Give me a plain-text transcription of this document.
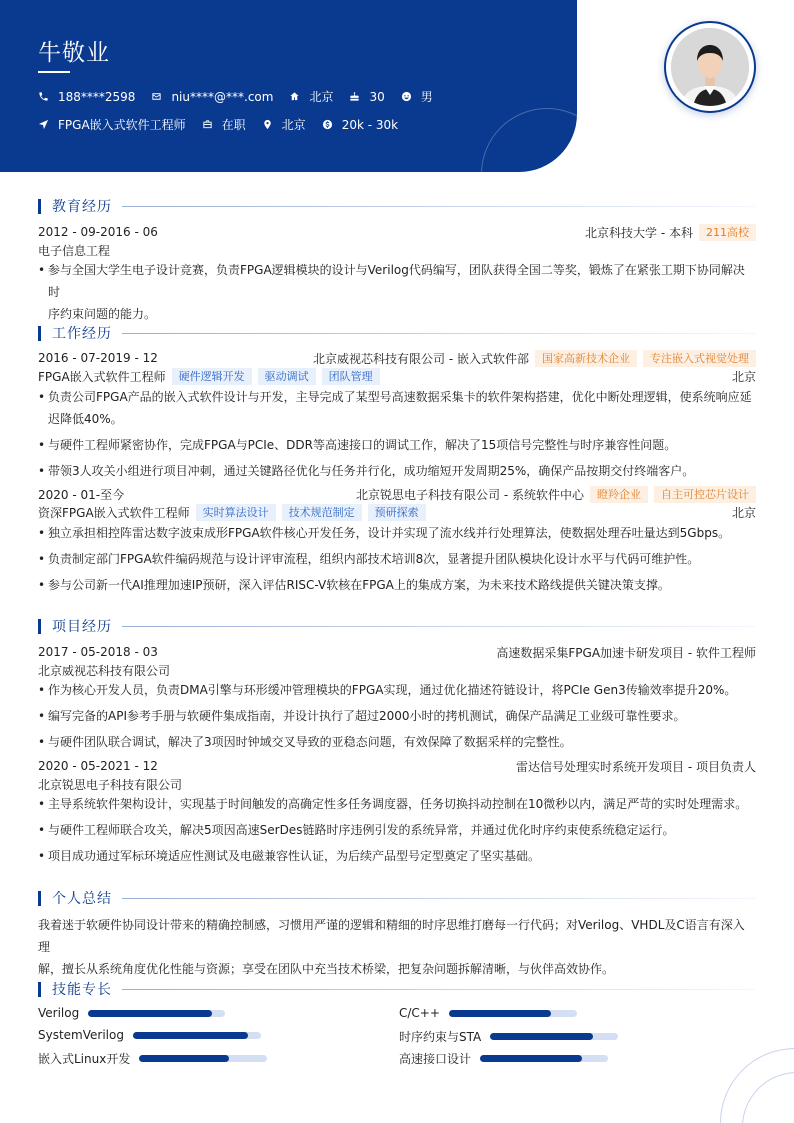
牛敬业
188****2598	niu****@***.com	北京	30	男
FPGA嵌入式软件工程师	在职	北京	20k - 30k
教育经历
2012 - 09-2016 - 06	北京科技大学 - 本科	211高校
电子信息工程
• 参与全国大学生电子设计竞赛，负责FPGA逻辑模块的设计与Verilog代码编写，团队获得全国二等奖，锻炼了在紧张工期下协同解决时
序约束问题的能力。
工作经历
2016 - 07-2019 - 12	北京威视芯科技有限公司 - 嵌入式软件部	国家高新技术企业	专注嵌入式视觉处理
FPGA嵌入式软件工程师	硬件逻辑开发	驱动调试	团队管理	北京
• 负责公司FPGA产品的嵌入式软件设计与开发，主导完成了某型号高速数据采集卡的软件架构搭建，优化中断处理逻辑，使系统响应延
迟降低40%。
• 与硬件工程师紧密协作，完成FPGA与PCIe、DDR等高速接口的调试工作，解决了15项信号完整性与时序兼容性问题。
• 带领3人攻关小组进行项目冲刺，通过关键路径优化与任务并行化，成功缩短开发周期25%，确保产品按期交付终端客户。
2020 - 01-至今	北京锐思电子科技有限公司 - 系统软件中心	瞪羚企业	自主可控芯片设计
资深FPGA嵌入式软件工程师	实时算法设计	技术规范制定	预研探索	北京
• 独立承担相控阵雷达数字波束成形FPGA软件核心开发任务，设计并实现了流水线并行处理算法，使数据处理吞吐量达到5Gbps。
• 负责制定部门FPGA软件编码规范与设计评审流程，组织内部技术培训8次，显著提升团队模块化设计水平与代码可维护性。
• 参与公司新一代AI推理加速IP预研，深入评估RISC-V软核在FPGA上的集成方案，为未来技术路线提供关键决策支撑。
项目经历
2017 - 05-2018 - 03	高速数据采集FPGA加速卡研发项目 - 软件工程师
北京威视芯科技有限公司
• 作为核心开发人员，负责DMA引擎与环形缓冲管理模块的FPGA实现，通过优化描述符链设计，将PCIe Gen3传输效率提升20%。
• 编写完备的API参考手册与软硬件集成指南，并设计执行了超过2000小时的拷机测试，确保产品满足工业级可靠性要求。
• 与硬件团队联合调试，解决了3项因时钟域交叉导致的亚稳态问题，有效保障了数据采样的完整性。
2020 - 05-2021 - 12	雷达信号处理实时系统开发项目 - 项目负责人
北京锐思电子科技有限公司
• 主导系统软件架构设计，实现基于时间触发的高确定性多任务调度器，任务切换抖动控制在10微秒以内，满足严苛的实时处理需求。
• 与硬件工程师联合攻关，解决5项因高速SerDes链路时序违例引发的系统异常，并通过优化时序约束使系统稳定运行。
• 项目成功通过军标环境适应性测试及电磁兼容性认证，为后续产品型号定型奠定了坚实基础。
个人总结
我着迷于软硬件协同设计带来的精确控制感，习惯用严谨的逻辑和精细的时序思维打磨每一行代码；对Verilog、VHDL及C语言有深入理
解，擅长从系统角度优化性能与资源；享受在团队中充当技术桥梁，把复杂问题拆解清晰，与伙伴高效协作。
技能专长
Verilog	C/C++
SystemVerilog	时序约束与STA
嵌入式Linux开发	高速接口设计
